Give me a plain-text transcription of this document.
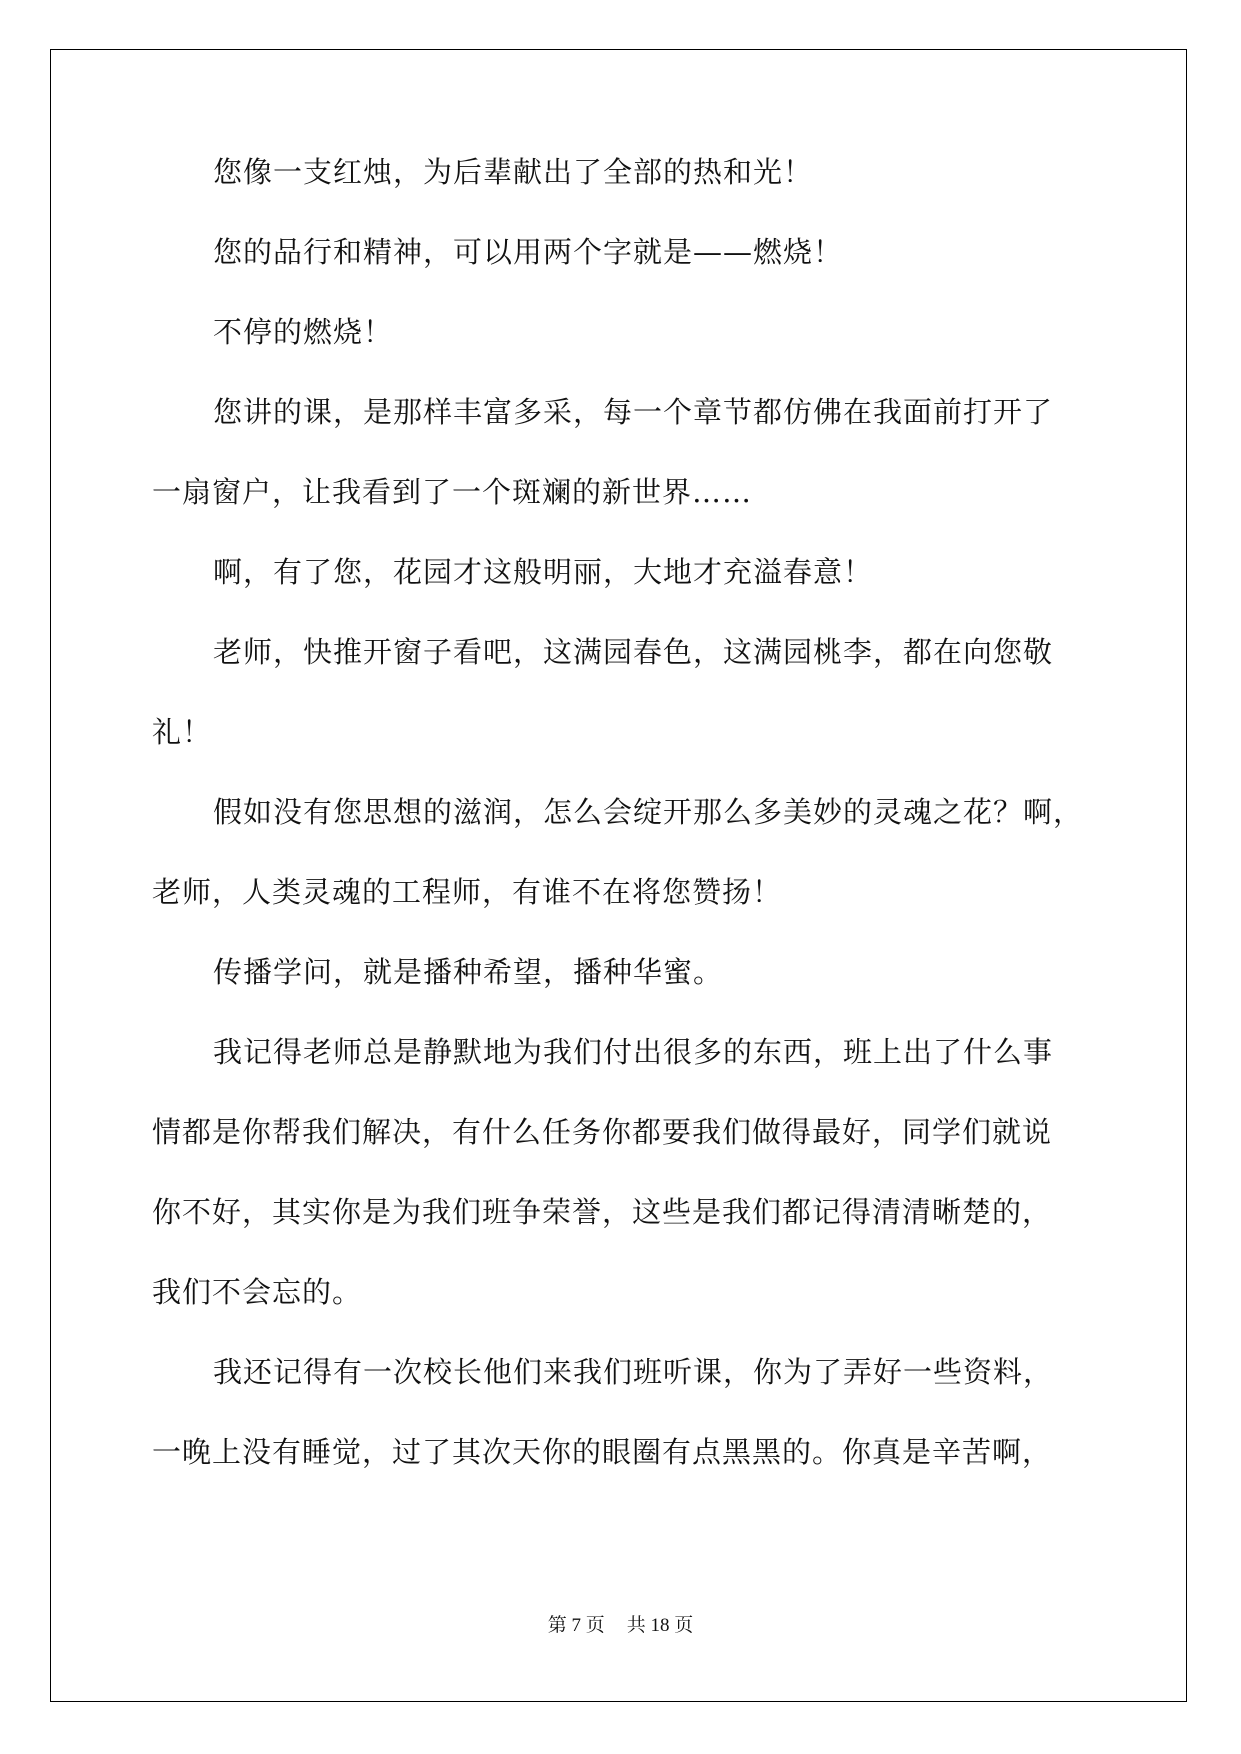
您像一支红烛，为后辈献出了全部的热和光！

您的品行和精神，可以用两个字就是——燃烧！

不停的燃烧！

您讲的课，是那样丰富多采，每一个章节都仿佛在我面前打开了

一扇窗户，让我看到了一个斑斓的新世界……

啊，有了您，花园才这般明丽，大地才充溢春意！

老师，快推开窗子看吧，这满园春色，这满园桃李，都在向您敬

礼！

假如没有您思想的滋润，怎么会绽开那么多美妙的灵魂之花？啊，

老师，人类灵魂的工程师，有谁不在将您赞扬！

传播学问，就是播种希望，播种华蜜。

我记得老师总是静默地为我们付出很多的东西，班上出了什么事

情都是你帮我们解决，有什么任务你都要我们做得最好，同学们就说

你不好，其实你是为我们班争荣誉，这些是我们都记得清清晰楚的，

我们不会忘的。

我还记得有一次校长他们来我们班听课，你为了弄好一些资料，

一晚上没有睡觉，过了其次天你的眼圈有点黑黑的。你真是辛苦啊，

第 7 页 共 18 页
